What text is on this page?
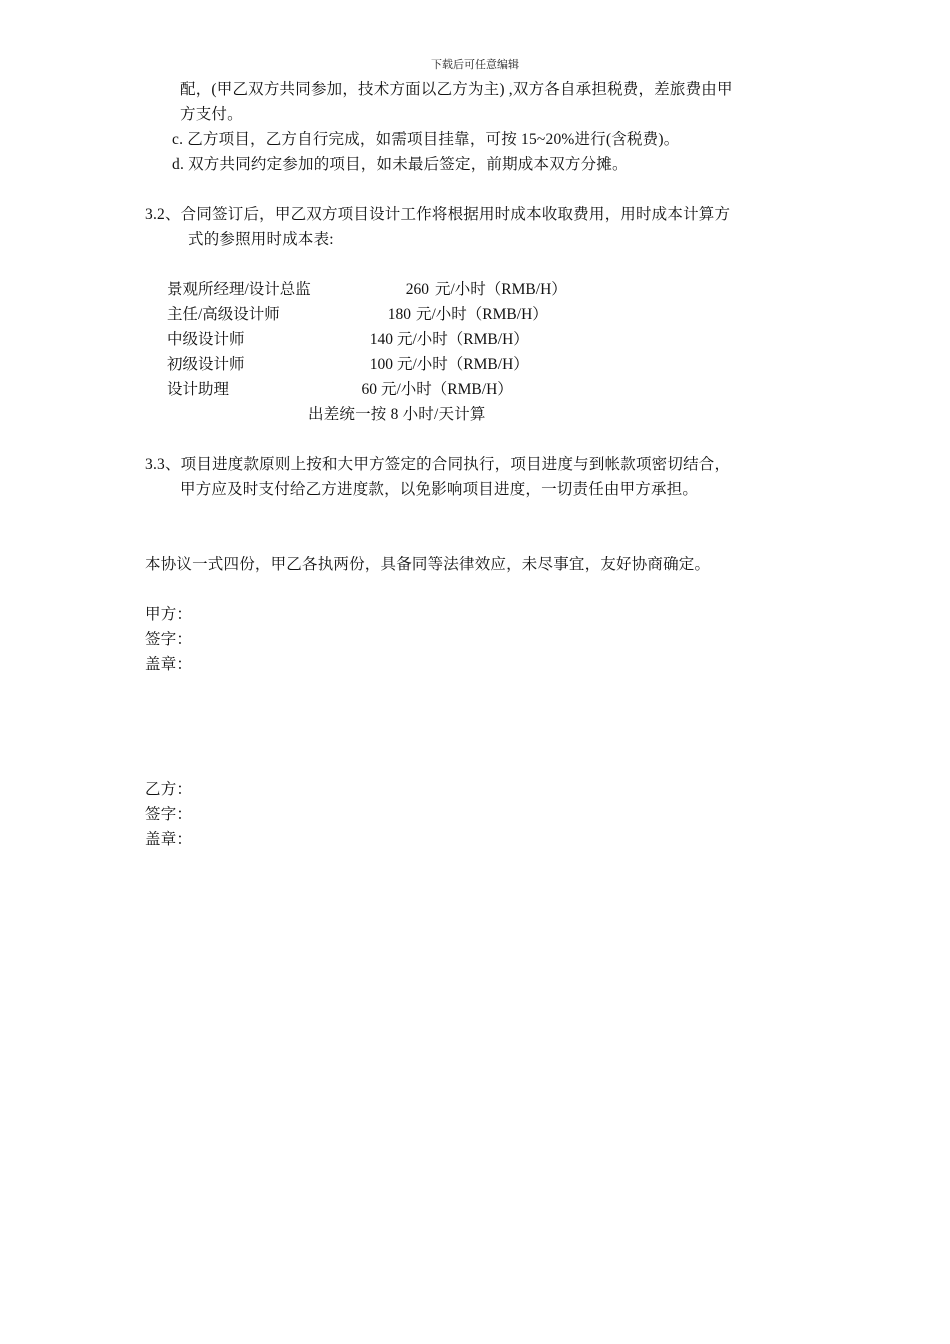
下载后可任意编辑
配，(甲乙双方共同参加，技术方面以乙方为主) ,双方各自承担税费，差旅费由甲
方支付。
c. 乙方项目，乙方自行完成，如需项目挂靠，可按 15~20%进行(含税费)。
d. 双方共同约定参加的项目，如未最后签定，前期成本双方分摊。
3.2、合同签订后，甲乙双方项目设计工作将根据用时成本收取费用，用时成本计算方
式的参照用时成本表:
景观所经理/设计总监	260 元/小时（RMB/H）
主任/高级设计师	180 元/小时（RMB/H）
中级设计师	140 元/小时（RMB/H）
初级设计师	100 元/小时（RMB/H）
设计助理	60 元/小时（RMB/H）
出差统一按 8 小时/天计算
3.3、项目进度款原则上按和大甲方签定的合同执行，项目进度与到帐款项密切结合，
甲方应及时支付给乙方进度款，以免影响项目进度，一切责任由甲方承担。
本协议一式四份，甲乙各执两份，具备同等法律效应，未尽事宜，友好协商确定。
甲方：
签字：
盖章：
乙方：
签字：
盖章：
